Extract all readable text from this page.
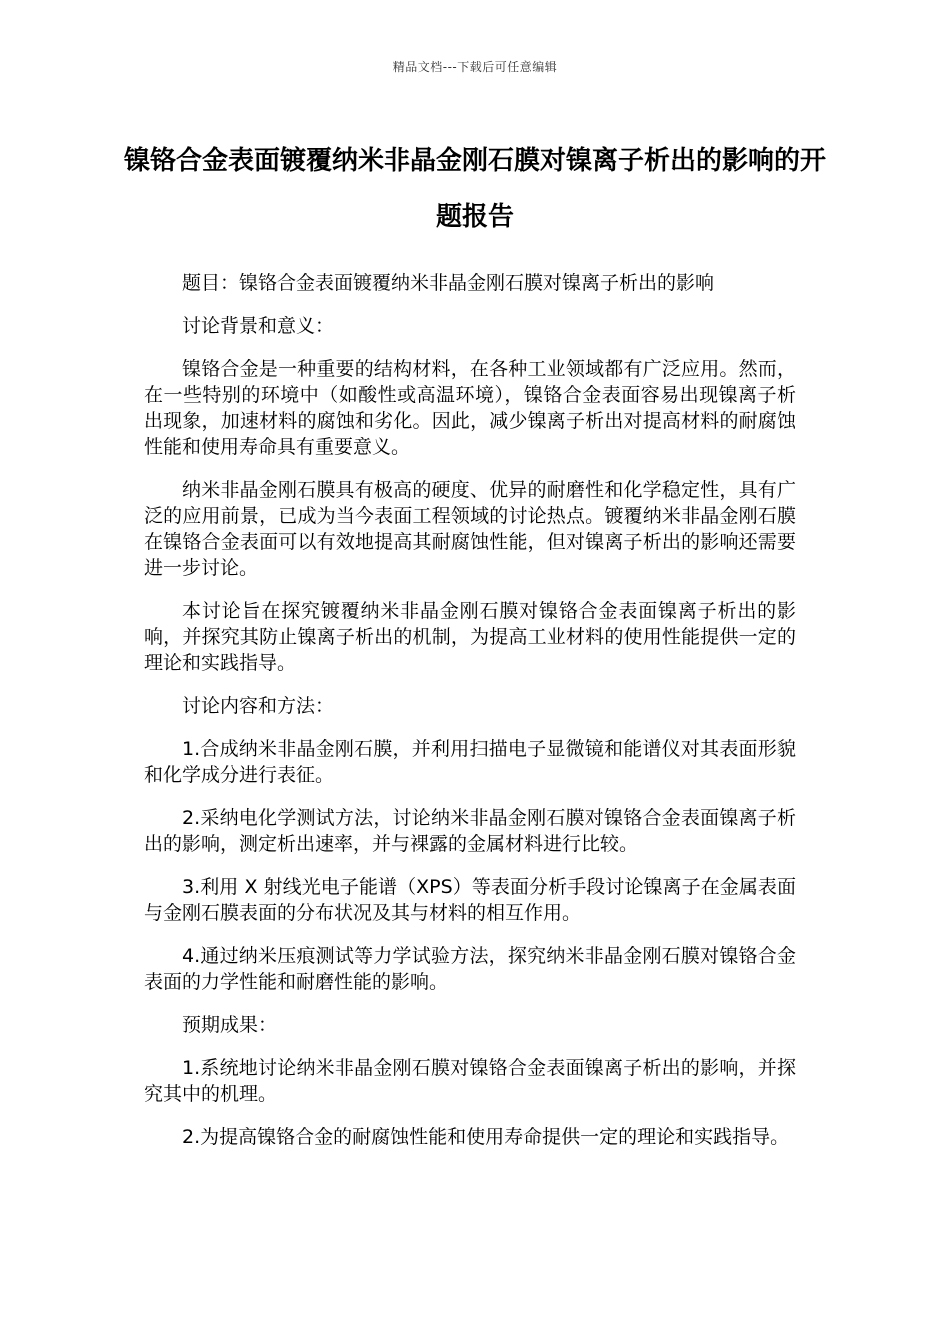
精品文档---下载后可任意编辑
镍铬合金表面镀覆纳米非晶金刚石膜对镍离子析出的影响的开题报告

题目：镍铬合金表面镀覆纳米非晶金刚石膜对镍离子析出的影响

讨论背景和意义：

镍铬合金是一种重要的结构材料，在各种工业领域都有广泛应用。然而，在一些特别的环境中（如酸性或高温环境），镍铬合金表面容易出现镍离子析出现象，加速材料的腐蚀和劣化。因此，减少镍离子析出对提高材料的耐腐蚀性能和使用寿命具有重要意义。

纳米非晶金刚石膜具有极高的硬度、优异的耐磨性和化学稳定性，具有广泛的应用前景，已成为当今表面工程领域的讨论热点。镀覆纳米非晶金刚石膜在镍铬合金表面可以有效地提高其耐腐蚀性能，但对镍离子析出的影响还需要进一步讨论。

本讨论旨在探究镀覆纳米非晶金刚石膜对镍铬合金表面镍离子析出的影响，并探究其防止镍离子析出的机制，为提高工业材料的使用性能提供一定的理论和实践指导。

讨论内容和方法：

1.合成纳米非晶金刚石膜，并利用扫描电子显微镜和能谱仪对其表面形貌和化学成分进行表征。

2.采纳电化学测试方法，讨论纳米非晶金刚石膜对镍铬合金表面镍离子析出的影响，测定析出速率，并与裸露的金属材料进行比较。

3.利用 X 射线光电子能谱（XPS）等表面分析手段讨论镍离子在金属表面与金刚石膜表面的分布状况及其与材料的相互作用。

4.通过纳米压痕测试等力学试验方法，探究纳米非晶金刚石膜对镍铬合金表面的力学性能和耐磨性能的影响。

预期成果：

1.系统地讨论纳米非晶金刚石膜对镍铬合金表面镍离子析出的影响，并探究其中的机理。

2.为提高镍铬合金的耐腐蚀性能和使用寿命提供一定的理论和实践指导。
